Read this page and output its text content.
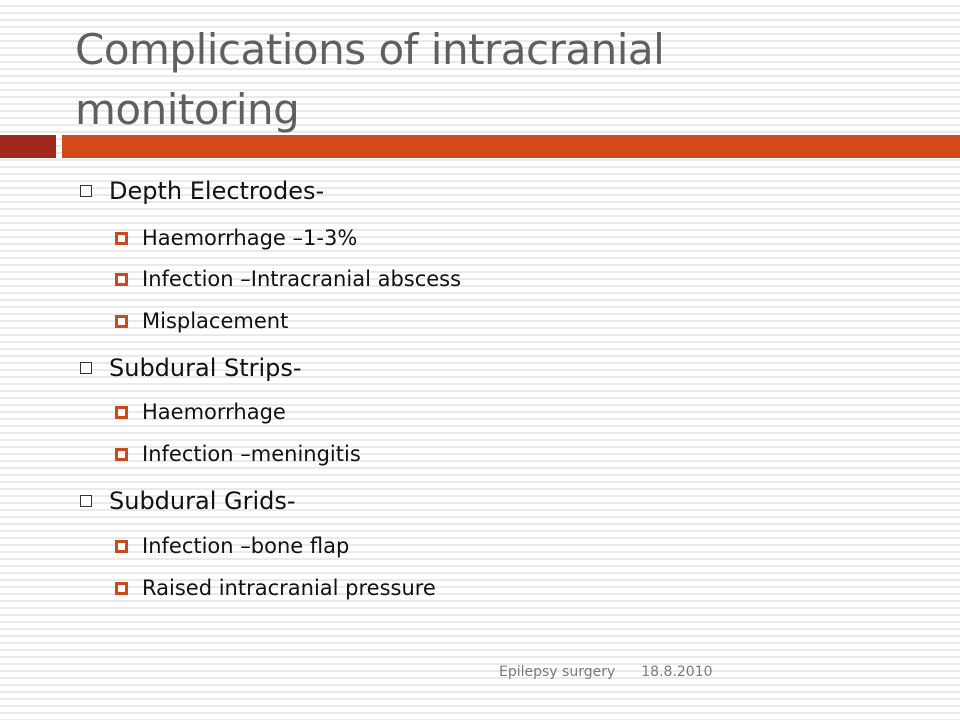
Complications of intracranial
monitoring
Depth Electrodes-
Haemorrhage –1-3%
Infection –Intracranial abscess
Misplacement
Subdural Strips-
Haemorrhage
Infection –meningitis
Subdural Grids-
Infection –bone flap
Raised intracranial pressure
Epilepsy surgery 18.8.2010
